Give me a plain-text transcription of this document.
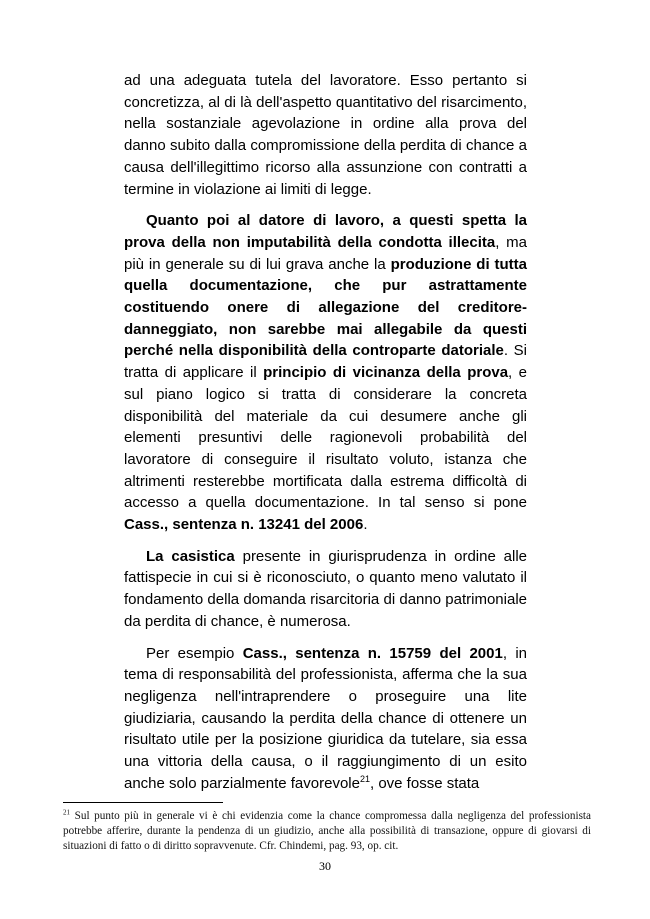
ad una adeguata tutela del lavoratore. Esso pertanto si concretizza, al di là dell'aspetto quantitativo del risarcimento, nella sostanziale agevolazione in ordine alla prova del danno subito dalla compromissione della perdita di chance a causa dell'illegittimo ricorso alla assunzione con contratti a termine in violazione ai limiti di legge.

Quanto poi al datore di lavoro, a questi spetta la prova della non imputabilità della condotta illecita, ma più in generale su di lui grava anche la produzione di tutta quella documentazione, che pur astrattamente costituendo onere di allegazione del creditore-danneggiato, non sarebbe mai allegabile da questi perché nella disponibilità della controparte datoriale. Si tratta di applicare il principio di vicinanza della prova, e sul piano logico si tratta di considerare la concreta disponibilità del materiale da cui desumere anche gli elementi presuntivi delle ragionevoli probabilità del lavoratore di conseguire il risultato voluto, istanza che altrimenti resterebbe mortificata dalla estrema difficoltà di accesso a quella documentazione. In tal senso si pone Cass., sentenza n. 13241 del 2006.

La casistica presente in giurisprudenza in ordine alle fattispecie in cui si è riconosciuto, o quanto meno valutato il fondamento della domanda risarcitoria di danno patrimoniale da perdita di chance, è numerosa.

Per esempio Cass., sentenza n. 15759 del 2001, in tema di responsabilità del professionista, afferma che la sua negligenza nell'intraprendere o proseguire una lite giudiziaria, causando la perdita della chance di ottenere un risultato utile per la posizione giuridica da tutelare, sia essa una vittoria della causa, o il raggiungimento di un esito anche solo parzialmente favorevole$^{21}$, ove fosse stata

$^{21}$ Sul punto più in generale vi è chi evidenzia come la chance compromessa dalla negligenza del professionista potrebbe afferire, durante la pendenza di un giudizio, anche alla possibilità di transazione, oppure di giovarsi di situazioni di fatto o di diritto sopravvenute. Cfr. Chindemi, pag. 93, op. cit.
30
